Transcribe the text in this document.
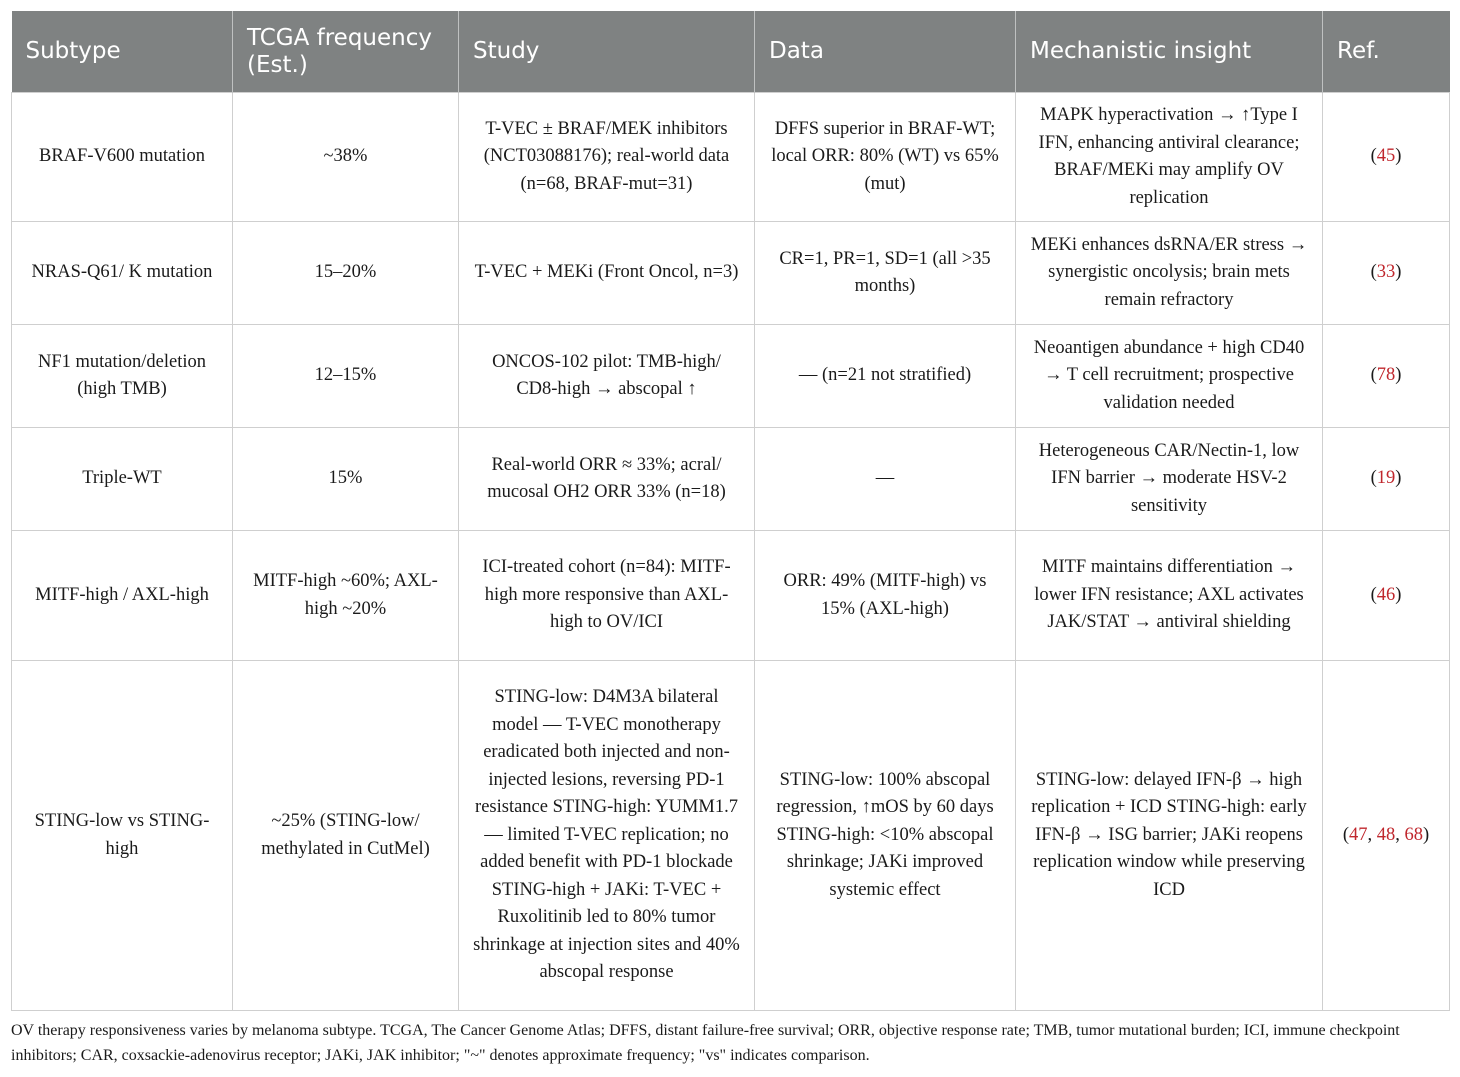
Subtype	TCGA frequency (Est.)	Study	Data	Mechanistic insight	Ref.
BRAF-V600 mutation	~38%	T-VEC ± BRAF/MEK inhibitors (NCT03088176); real-world data (n=68, BRAF-mut=31)	DFFS superior in BRAF-WT; local ORR: 80% (WT) vs 65% (mut)	MAPK hyperactivation → ↑Type I IFN, enhancing antiviral clearance; BRAF/MEKi may amplify OV replication	(45)
NRAS-Q61/ K mutation	15–20%	T-VEC + MEKi (Front Oncol, n=3)	CR=1, PR=1, SD=1 (all >35 months)	MEKi enhances dsRNA/ER stress → synergistic oncolysis; brain mets remain refractory	(33)
NF1 mutation/deletion (high TMB)	12–15%	ONCOS-102 pilot: TMB-high/ CD8-high → abscopal ↑	— (n=21 not stratified)	Neoantigen abundance + high CD40 → T cell recruitment; prospective validation needed	(78)
Triple-WT	15%	Real-world ORR ≈ 33%; acral/ mucosal OH2 ORR 33% (n=18)	—	Heterogeneous CAR/Nectin-1, low IFN barrier → moderate HSV-2 sensitivity	(19)
MITF-high / AXL-high	MITF-high ~60%; AXL-high ~20%	ICI-treated cohort (n=84): MITF-high more responsive than AXL-high to OV/ICI	ORR: 49% (MITF-high) vs 15% (AXL-high)	MITF maintains differentiation → lower IFN resistance; AXL activates JAK/STAT → antiviral shielding	(46)
STING-low vs STING-high	~25% (STING-low/ methylated in CutMel)	STING-low: D4M3A bilateral model — T-VEC monotherapy eradicated both injected and non-injected lesions, reversing PD-1 resistance STING-high: YUMM1.7 — limited T-VEC replication; no added benefit with PD-1 blockade STING-high + JAKi: T-VEC + Ruxolitinib led to 80% tumor shrinkage at injection sites and 40% abscopal response	STING-low: 100% abscopal regression, ↑mOS by 60 days STING-high: <10% abscopal shrinkage; JAKi improved systemic effect	STING-low: delayed IFN-β → high replication + ICD STING-high: early IFN-β → ISG barrier; JAKi reopens replication window while preserving ICD	(47, 48, 68)
OV therapy responsiveness varies by melanoma subtype. TCGA, The Cancer Genome Atlas; DFFS, distant failure-free survival; ORR, objective response rate; TMB, tumor mutational burden; ICI, immune checkpoint inhibitors; CAR, coxsackie-adenovirus receptor; JAKi, JAK inhibitor; "~" denotes approximate frequency; "vs" indicates comparison.
